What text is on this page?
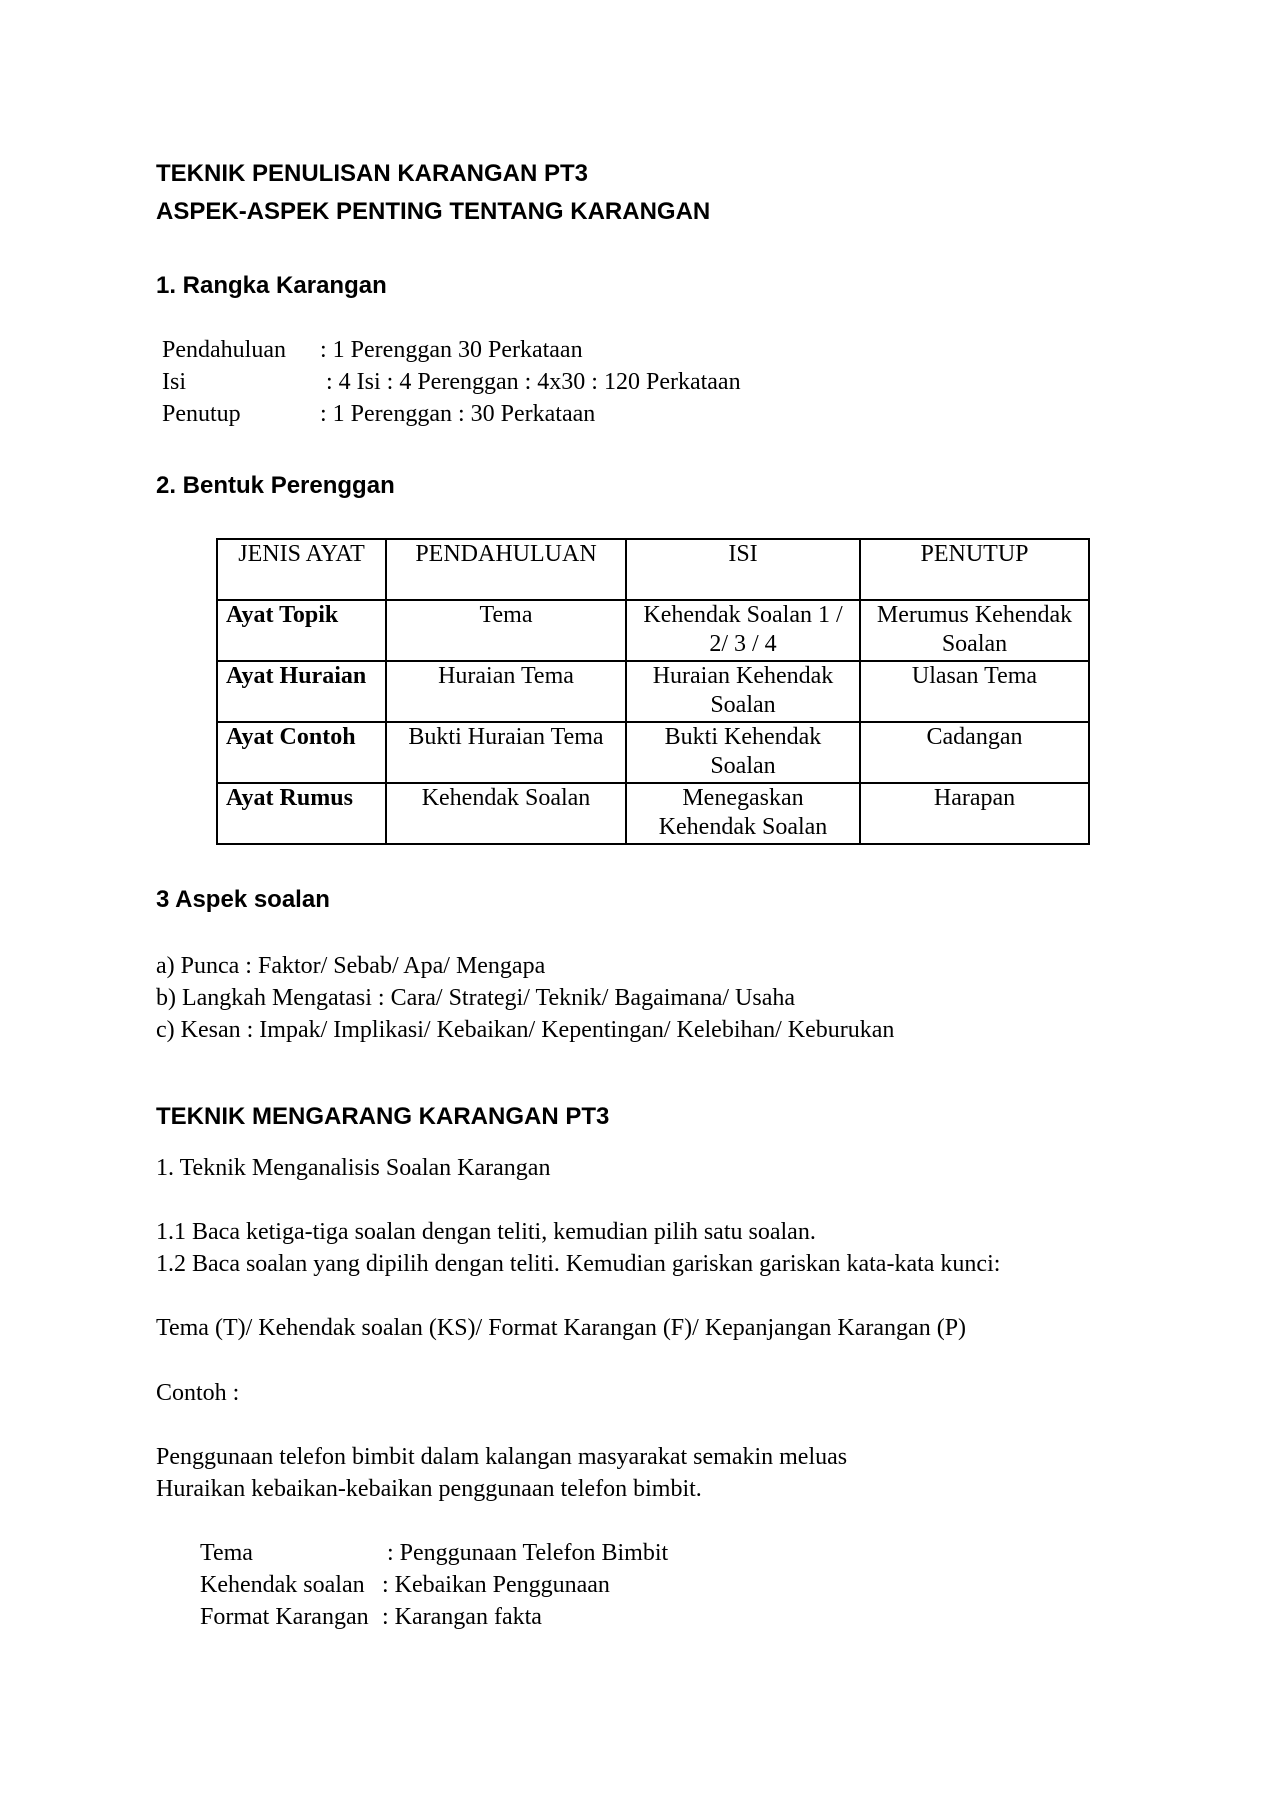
TEKNIK PENULISAN KARANGAN PT3
ASPEK-ASPEK PENTING TENTANG KARANGAN
1. Rangka Karangan
Pendahuluan : 1 Perenggan 30 Perkataan
Isi	: 4 Isi : 4 Perenggan : 4x30 : 120 Perkataan
Penutup	: 1 Perenggan : 30 Perkataan
2. Bentuk Perenggan
JENIS AYAT	PENDAHULUAN	ISI	PENUTUP
Ayat Topik	Tema	Kehendak Soalan 1 / 2/ 3 / 4	Merumus Kehendak Soalan
Ayat Huraian	Huraian Tema	Huraian Kehendak Soalan	Ulasan Tema
Ayat Contoh	Bukti Huraian Tema	Bukti Kehendak Soalan	Cadangan
Ayat Rumus	Kehendak Soalan	Menegaskan Kehendak Soalan	Harapan
3 Aspek soalan
a) Punca : Faktor/ Sebab/ Apa/ Mengapa
b) Langkah Mengatasi : Cara/ Strategi/ Teknik/ Bagaimana/ Usaha
c) Kesan : Impak/ Implikasi/ Kebaikan/ Kepentingan/ Kelebihan/ Keburukan
TEKNIK MENGARANG KARANGAN PT3
1. Teknik Menganalisis Soalan Karangan
1.1 Baca ketiga-tiga soalan dengan teliti, kemudian pilih satu soalan.
1.2 Baca soalan yang dipilih dengan teliti. Kemudian gariskan gariskan kata-kata kunci:
Tema (T)/ Kehendak soalan (KS)/ Format Karangan (F)/ Kepanjangan Karangan (P)
Contoh :
Penggunaan telefon bimbit dalam kalangan masyarakat semakin meluas
Huraikan kebaikan-kebaikan penggunaan telefon bimbit.
Tema	: Penggunaan Telefon Bimbit
Kehendak soalan : Kebaikan Penggunaan
Format Karangan : Karangan fakta
